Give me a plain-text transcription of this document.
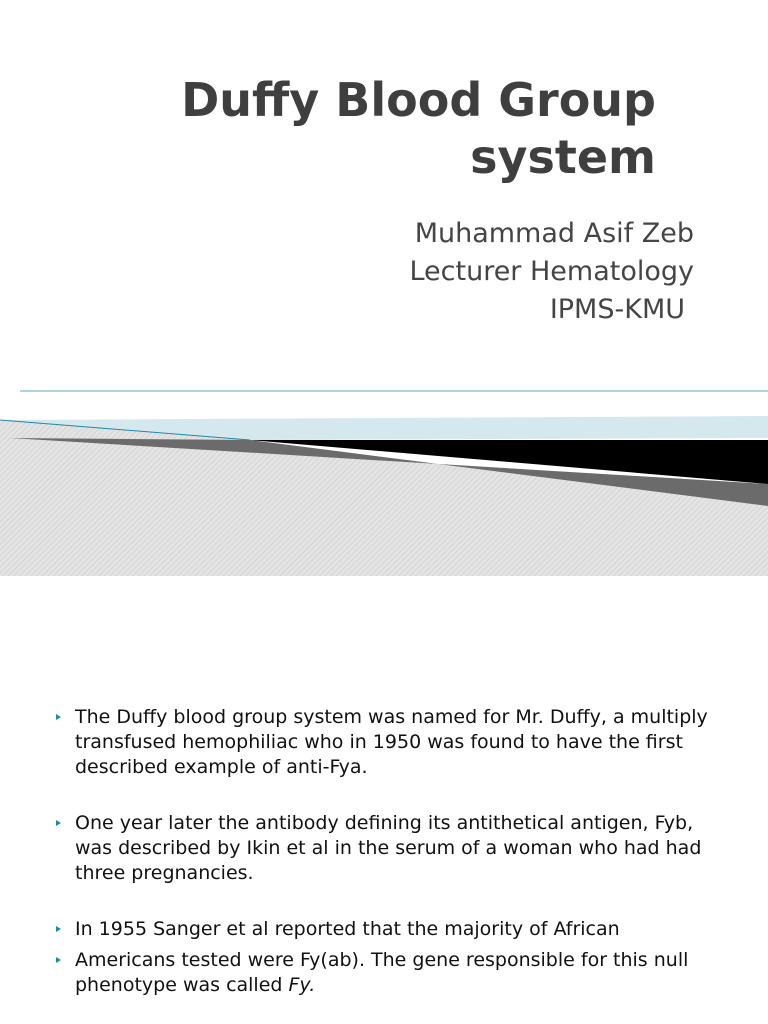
Duffy Blood Group
system
Muhammad Asif Zeb
Lecturer Hematology
IPMS-KMU
The Duffy blood group system was named for Mr. Duffy, a multiply transfused hemophiliac who in 1950 was found to have the first described example of anti-Fya.
One year later the antibody defining its antithetical antigen, Fyb, was described by Ikin et al in the serum of a woman who had had three pregnancies.
In 1955 Sanger et al reported that the majority of African
Americans tested were Fy(ab). The gene responsible for this null phenotype was called Fy.
